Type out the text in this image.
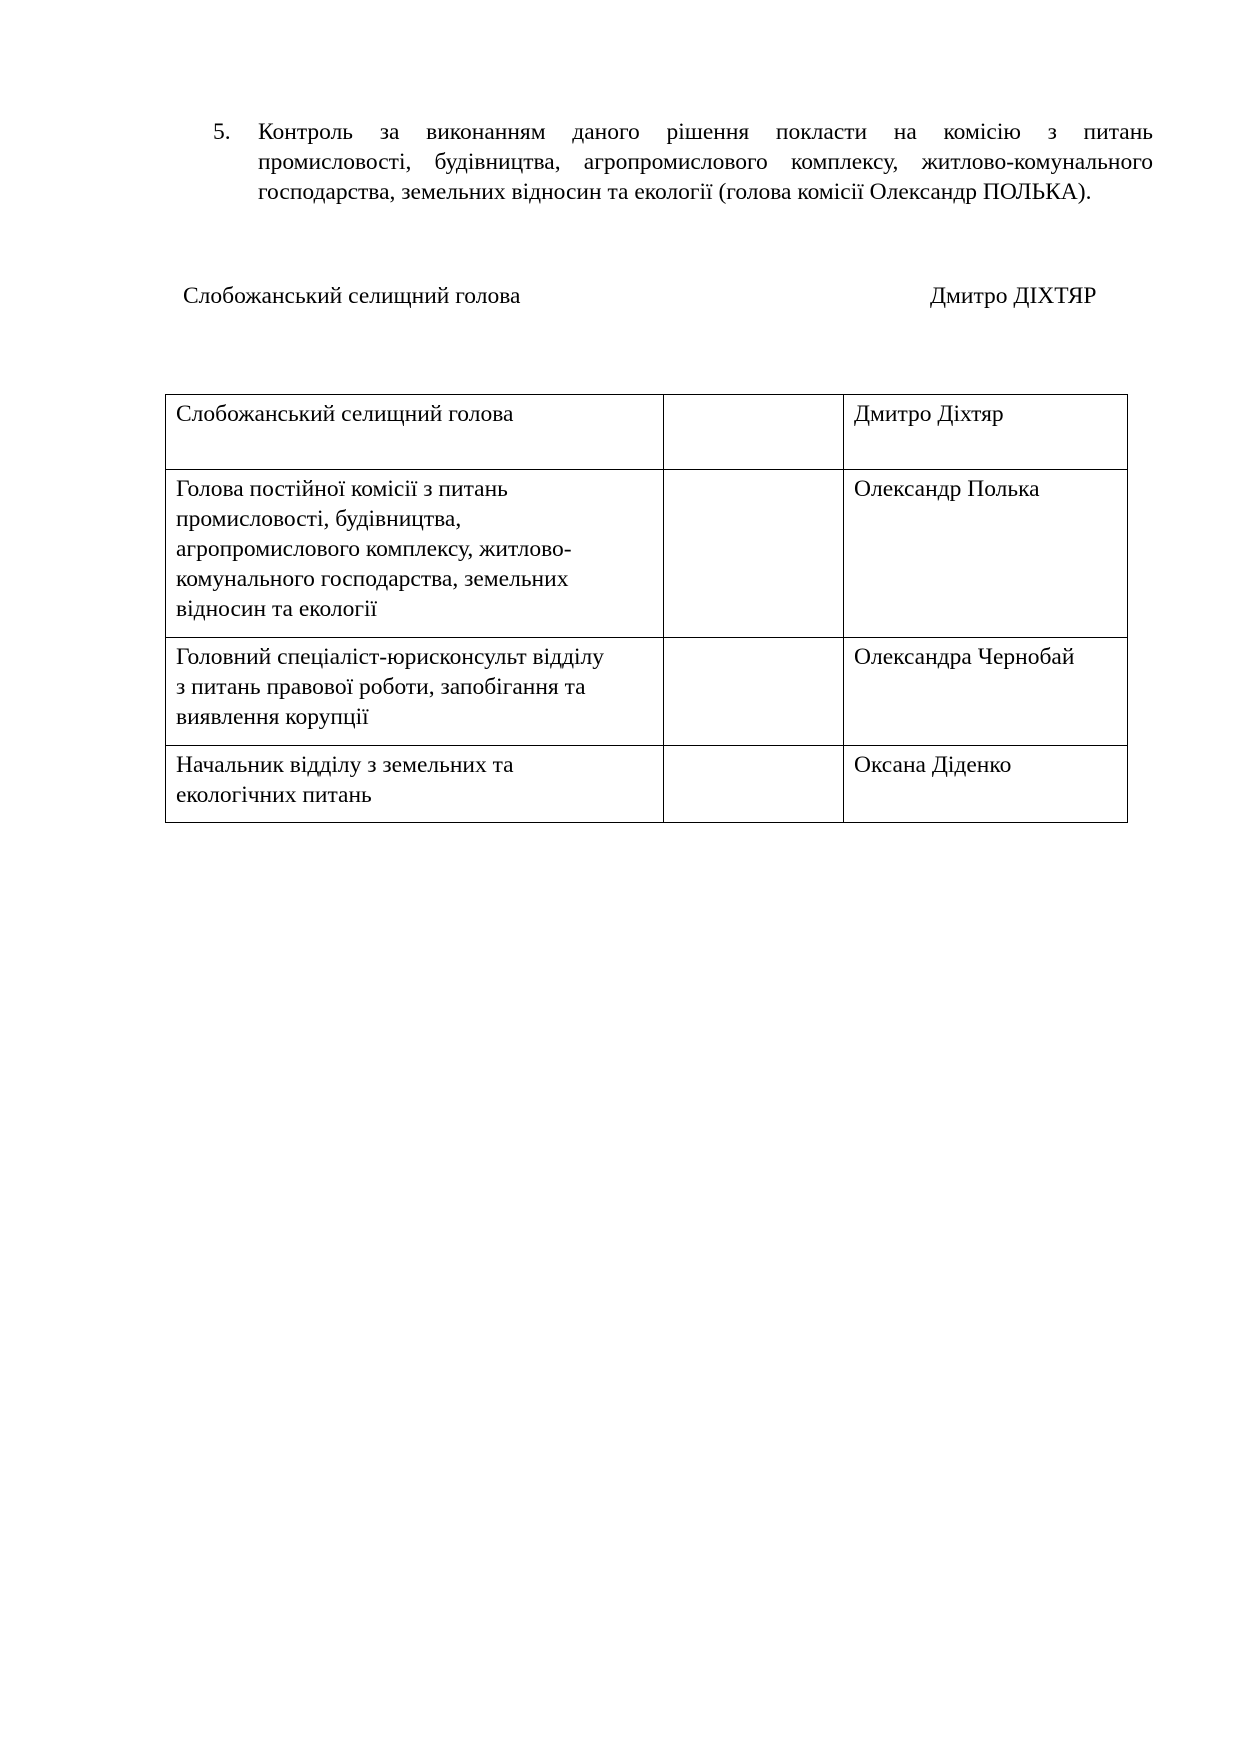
5. Контроль за виконанням даного рішення покласти на комісію з питань
промисловості, будівництва, агропромислового комплексу, житлово-комунального
господарства, земельних відносин та екології (голова комісії Олександр ПОЛЬКА).
Слобожанський селищний голова	Дмитро ДІХТЯР
Слобожанський селищний голова		Дмитро Діхтяр

Голова постійної комісії з питань
промисловості, будівництва,
агропромислового комплексу, житлово-
комунального господарства, земельних
відносин та екології		Олександр Полька

Головний спеціаліст-юрисконсульт відділу
з питань правової роботи, запобігання та
виявлення корупції		Олександра Чернобай

Начальник відділу з земельних та
екологічних питань		Оксана Діденко
